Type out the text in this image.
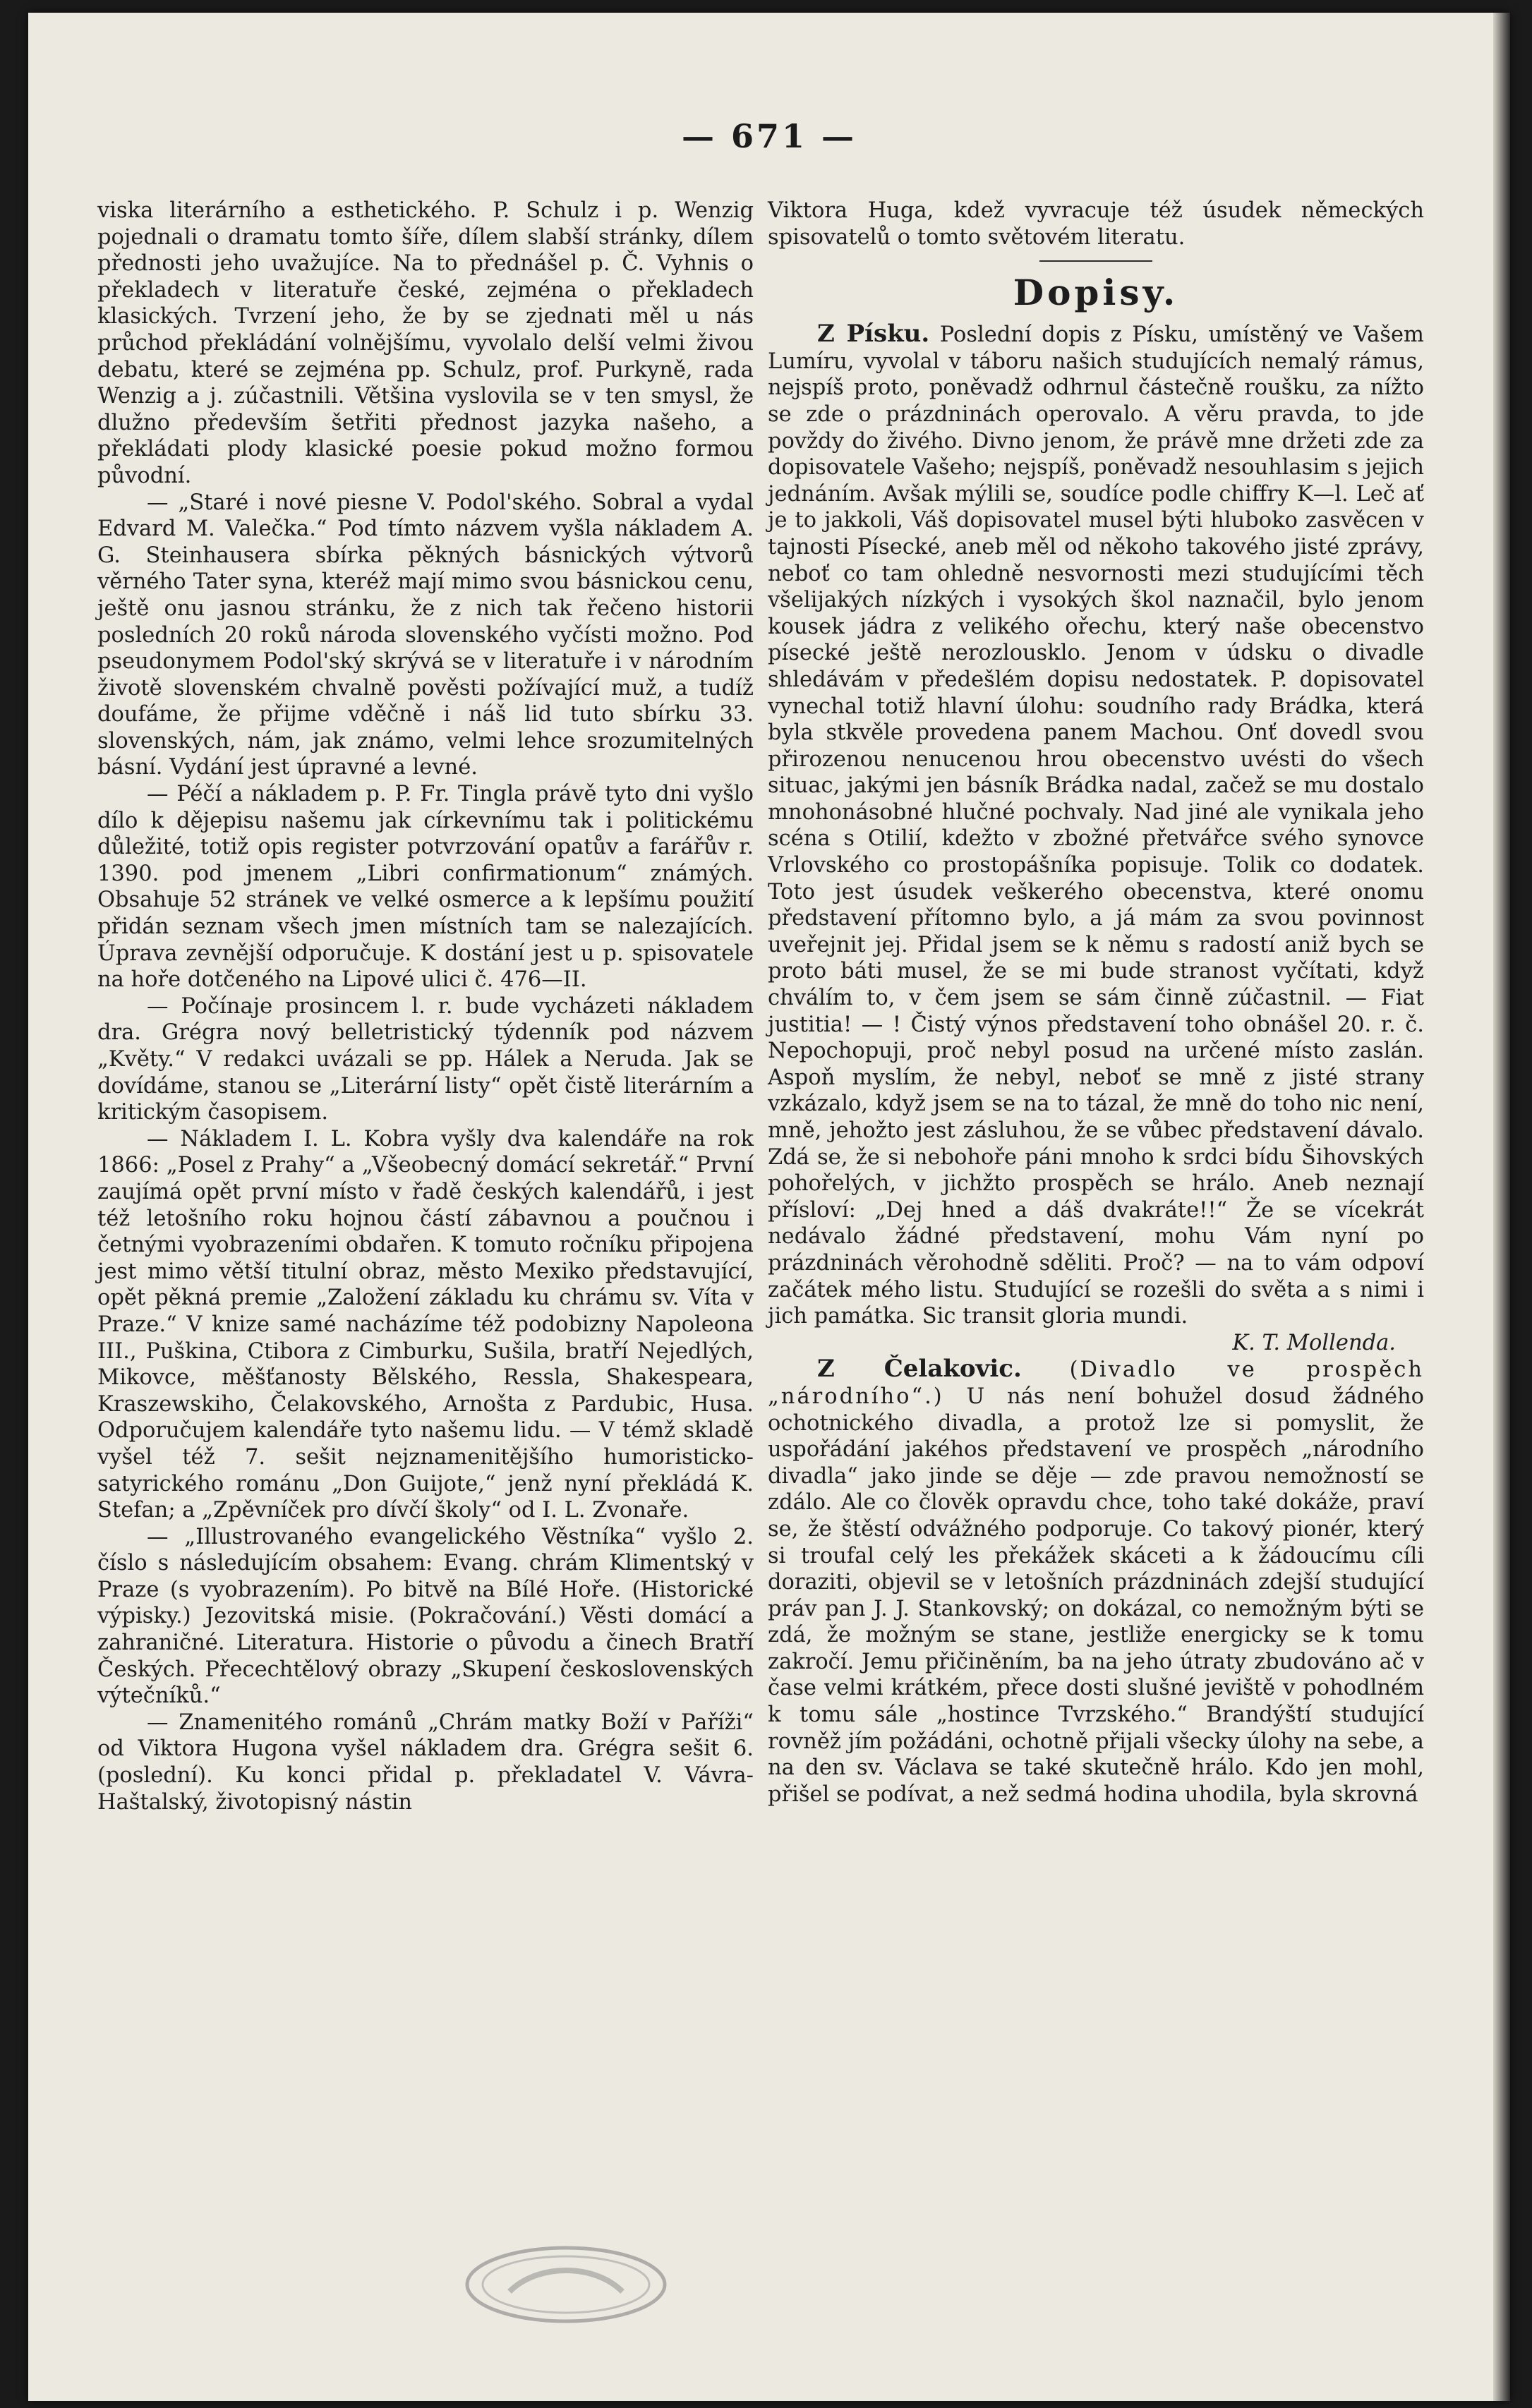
— 671 —

viska literárního a esthetického. P. Schulz i p. Wenzig pojednali o dramatu tomto šíře, dílem slabší stránky, dílem přednosti jeho uvažujíce. Na to přednášel p. Č. Vyhnis o překladech v literatuře české, zejména o překladech klasických. Tvrzení jeho, že by se zjednati měl u nás průchod překládání volnějšímu, vyvolalo delší velmi živou debatu, které se zejména pp. Schulz, prof. Purkyně, rada Wenzig a j. zúčastnili. Většina vyslovila se v ten smysl, že dlužno především šetřiti přednost jazyka našeho, a překládati plody klasické poesie pokud možno formou původní.

— „Staré i nové piesne V. Podol'ského. Sobral a vydal Edvard M. Valečka.“ Pod tímto názvem vyšla nákladem A. G. Steinhausera sbírka pěkných básnických výtvorů věrného Tater syna, kteréž mají mimo svou básnickou cenu, ještě onu jasnou stránku, že z nich tak řečeno historii posledních 20 roků národa slovenského vyčísti možno. Pod pseudonymem Podol'ský skrývá se v literatuře i v národním životě slovenském chvalně pověsti požívající muž, a tudíž doufáme, že přijme vděčně i náš lid tuto sbírku 33. slovenských, nám, jak známo, velmi lehce srozumitelných básní. Vydání jest úpravné a levné.

— Péčí a nákladem p. P. Fr. Tingla právě tyto dni vyšlo dílo k dějepisu našemu jak církevnímu tak i politickému důležité, totiž opis register potvrzování opatův a farářův r. 1390. pod jmenem „Libri confirmationum“ známých. Obsahuje 52 stránek ve velké osmerce a k lepšímu použití přidán seznam všech jmen místních tam se nalezajících. Úprava zevnější odporučuje. K dostání jest u p. spisovatele na hoře dotčeného na Lipové ulici č. 476—II.

— Počínaje prosincem l. r. bude vycházeti nákladem dra. Grégra nový belletristický týdenník pod názvem „Květy.“ V redakci uvázali se pp. Hálek a Neruda. Jak se dovídáme, stanou se „Literární listy“ opět čistě literárním a kritickým časopisem.

— Nákladem I. L. Kobra vyšly dva kalendáře na rok 1866: „Posel z Prahy“ a „Všeobecný domácí sekretář.“ První zaujímá opět první místo v řadě českých kalendářů, i jest též letošního roku hojnou částí zábavnou a poučnou i četnými vyobrazeními obdařen. K tomuto ročníku připojena jest mimo větší titulní obraz, město Mexiko představující, opět pěkná premie „Založení základu ku chrámu sv. Víta v Praze.“ V knize samé nacházíme též podobizny Napoleona III., Puškina, Ctibora z Cimburku, Sušila, bratří Nejedlých, Mikovce, měšťanosty Bělského, Ressla, Shakespeara, Kraszewskiho, Čelakovského, Arnošta z Pardubic, Husa. Odporučujem kalendáře tyto našemu lidu. — V témž skladě vyšel též 7. sešit nejznamenitějšího humoristicko-satyrického románu „Don Guijote,“ jenž nyní překládá K. Stefan; a „Zpěvníček pro dívčí školy“ od I. L. Zvonaře.

— „Illustrovaného evangelického Věstníka“ vyšlo 2. číslo s následujícím obsahem: Evang. chrám Klimentský v Praze (s vyobrazením). Po bitvě na Bílé Hoře. (Historické výpisky.) Jezovitská misie. (Pokračování.) Věsti domácí a zahraničné. Literatura. Historie o původu a činech Bratří Českých. Přecechtělový obrazy „Skupení československých výtečníků.“

— Znamenitého románů „Chrám matky Boží v Paříži“ od Viktora Hugona vyšel nákladem dra. Grégra sešit 6. (poslední). Ku konci přidal p. překladatel V. Vávra-Haštalský, životopisný nástin

Viktora Huga, kdež vyvracuje též úsudek německých spisovatelů o tomto světovém literatu.

Dopisy.

Z Písku. Poslední dopis z Písku, umístěný ve Vašem Lumíru, vyvolal v táboru našich studujících nemalý rámus, nejspíš proto, poněvadž odhrnul částečně roušku, za nížto se zde o prázdninách operovalo. A věru pravda, to jde povždy do živého. Divno jenom, že právě mne držeti zde za dopisovatele Vašeho; nejspíš, poněvadž nesouhlasim s jejich jednáním. Avšak mýlili se, soudíce podle chiffry K—l. Leč ať je to jakkoli, Váš dopisovatel musel býti hluboko zasvěcen v tajnosti Písecké, aneb měl od někoho takového jisté zprávy, neboť co tam ohledně nesvornosti mezi studujícími těch všelijakých nízkých i vysokých škol naznačil, bylo jenom kousek jádra z velikého ořechu, který naše obecenstvo písecké ještě nerozlousklo. Jenom v údsku o divadle shledávám v předešlém dopisu nedostatek. P. dopisovatel vynechal totiž hlavní úlohu: soudního rady Brádka, která byla stkvěle provedena panem Machou. Onť dovedl svou přirozenou nenucenou hrou obecenstvo uvésti do všech situac, jakými jen básník Brádka nadal, začež se mu dostalo mnohonásobné hlučné pochvaly. Nad jiné ale vynikala jeho scéna s Otilií, kdežto v zbožné přetvářce svého synovce Vrlovského co prostopášníka popisuje. Tolik co dodatek. Toto jest úsudek veškerého obecenstva, které onomu představení přítomno bylo, a já mám za svou povinnost uveřejnit jej. Přidal jsem se k němu s radostí aniž bych se proto báti musel, že se mi bude stranost vyčítati, když chválím to, v čem jsem se sám činně zúčastnil. — Fiat justitia! — ! Čistý výnos představení toho obnášel 20. r. č. Nepochopuji, proč nebyl posud na určené místo zaslán. Aspoň myslím, že nebyl, neboť se mně z jisté strany vzkázalo, když jsem se na to tázal, že mně do toho nic není, mně, jehožto jest zásluhou, že se vůbec představení dávalo. Zdá se, že si nebohoře páni mnoho k srdci bídu Šihovských pohořelých, v jichžto prospěch se hrálo. Aneb neznají přísloví: „Dej hned a dáš dvakráte!!“ Že se vícekrát nedávalo žádné představení, mohu Vám nyní po prázdninách věrohodně sděliti. Proč? — na to vám odpoví začátek mého listu. Studující se rozešli do světa a s nimi i jich památka. Sic transit gloria mundi.

K. T. Mollenda.

Z Čelakovic. (Divadlo ve prospěch „národního“.) U nás není bohužel dosud žádného ochotnického divadla, a protož lze si pomyslit, že uspořádání jakéhos představení ve prospěch „národního divadla“ jako jinde se děje — zde pravou nemožností se zdálo. Ale co člověk opravdu chce, toho také dokáže, praví se, že štěstí odvážného podporuje. Co takový pionér, který si troufal celý les překážek skáceti a k žádoucímu cíli doraziti, objevil se v letošních prázdninách zdejší studující práv pan J. J. Stankovský; on dokázal, co nemožným býti se zdá, že možným se stane, jestliže energicky se k tomu zakročí. Jemu přičiněním, ba na jeho útraty zbudováno ač v čase velmi krátkém, přece dosti slušné jeviště v pohodlném k tomu sále „hostince Tvrzského.“ Brandýští studující rovněž jím požádáni, ochotně přijali všecky úlohy na sebe, a na den sv. Václava se také skutečně hrálo. Kdo jen mohl, přišel se podívat, a než sedmá hodina uhodila, byla skrovná
